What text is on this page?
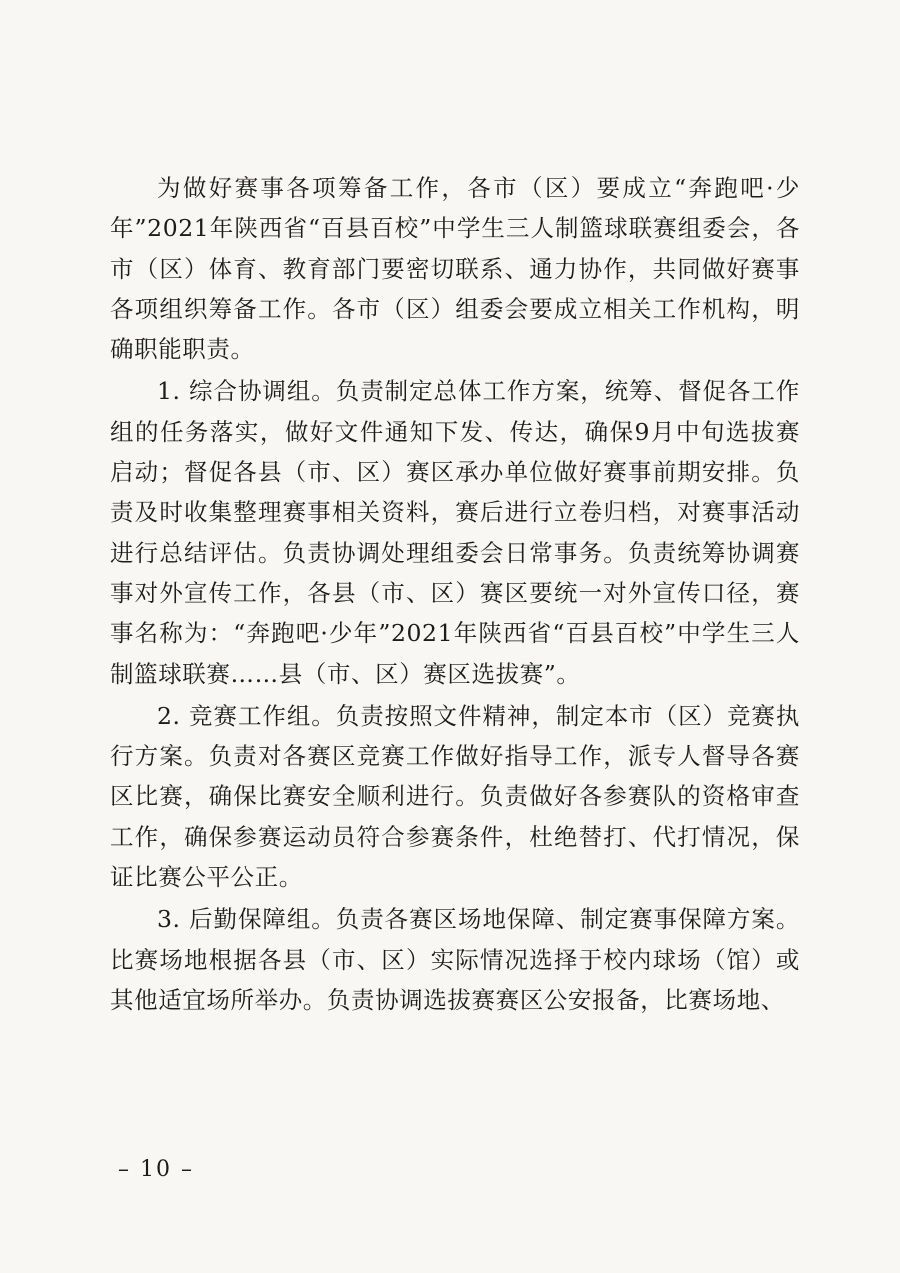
为做好赛事各项筹备工作，各市（区）要成立“奔跑吧·少年”2021年陕西省“百县百校”中学生三人制篮球联赛组委会，各市（区）体育、教育部门要密切联系、通力协作，共同做好赛事各项组织筹备工作。各市（区）组委会要成立相关工作机构，明确职能职责。

1. 综合协调组。负责制定总体工作方案，统筹、督促各工作组的任务落实，做好文件通知下发、传达，确保9月中旬选拔赛启动；督促各县（市、区）赛区承办单位做好赛事前期安排。负责及时收集整理赛事相关资料，赛后进行立卷归档，对赛事活动进行总结评估。负责协调处理组委会日常事务。负责统筹协调赛事对外宣传工作，各县（市、区）赛区要统一对外宣传口径，赛事名称为：“奔跑吧·少年”2021年陕西省“百县百校”中学生三人制篮球联赛……县（市、区）赛区选拔赛”。

2. 竞赛工作组。负责按照文件精神，制定本市（区）竞赛执行方案。负责对各赛区竞赛工作做好指导工作，派专人督导各赛区比赛，确保比赛安全顺利进行。负责做好各参赛队的资格审查工作，确保参赛运动员符合参赛条件，杜绝替打、代打情况，保证比赛公平公正。

3. 后勤保障组。负责各赛区场地保障、制定赛事保障方案。比赛场地根据各县（市、区）实际情况选择于校内球场（馆）或其他适宜场所举办。负责协调选拔赛赛区公安报备，比赛场地、

– 10 –
